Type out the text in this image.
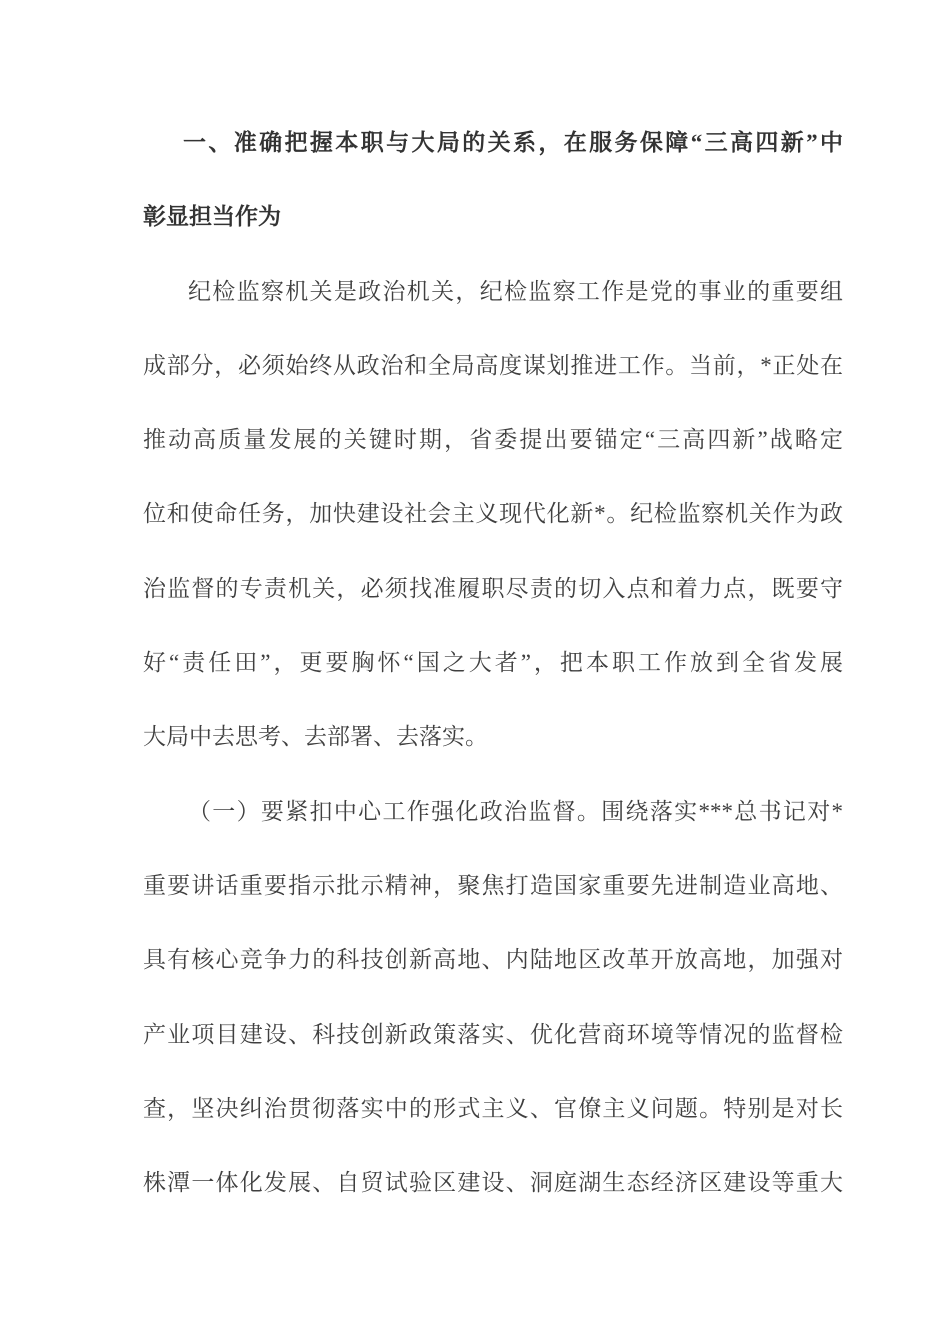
一、准确把握本职与大局的关系，在服务保障“三高四新”中
彰显担当作为
纪检监察机关是政治机关，纪检监察工作是党的事业的重要组
成部分，必须始终从政治和全局高度谋划推进工作。当前，*正处在
推动高质量发展的关键时期，省委提出要锚定“三高四新”战略定
位和使命任务，加快建设社会主义现代化新*。纪检监察机关作为政
治监督的专责机关，必须找准履职尽责的切入点和着力点，既要守
好“责任田”，更要胸怀“国之大者”，把本职工作放到全省发展
大局中去思考、去部署、去落实。
（一）要紧扣中心工作强化政治监督。围绕落实***总书记对*
重要讲话重要指示批示精神，聚焦打造国家重要先进制造业高地、
具有核心竞争力的科技创新高地、内陆地区改革开放高地，加强对
产业项目建设、科技创新政策落实、优化营商环境等情况的监督检
查，坚决纠治贯彻落实中的形式主义、官僚主义问题。特别是对长
株潭一体化发展、自贸试验区建设、洞庭湖生态经济区建设等重大
